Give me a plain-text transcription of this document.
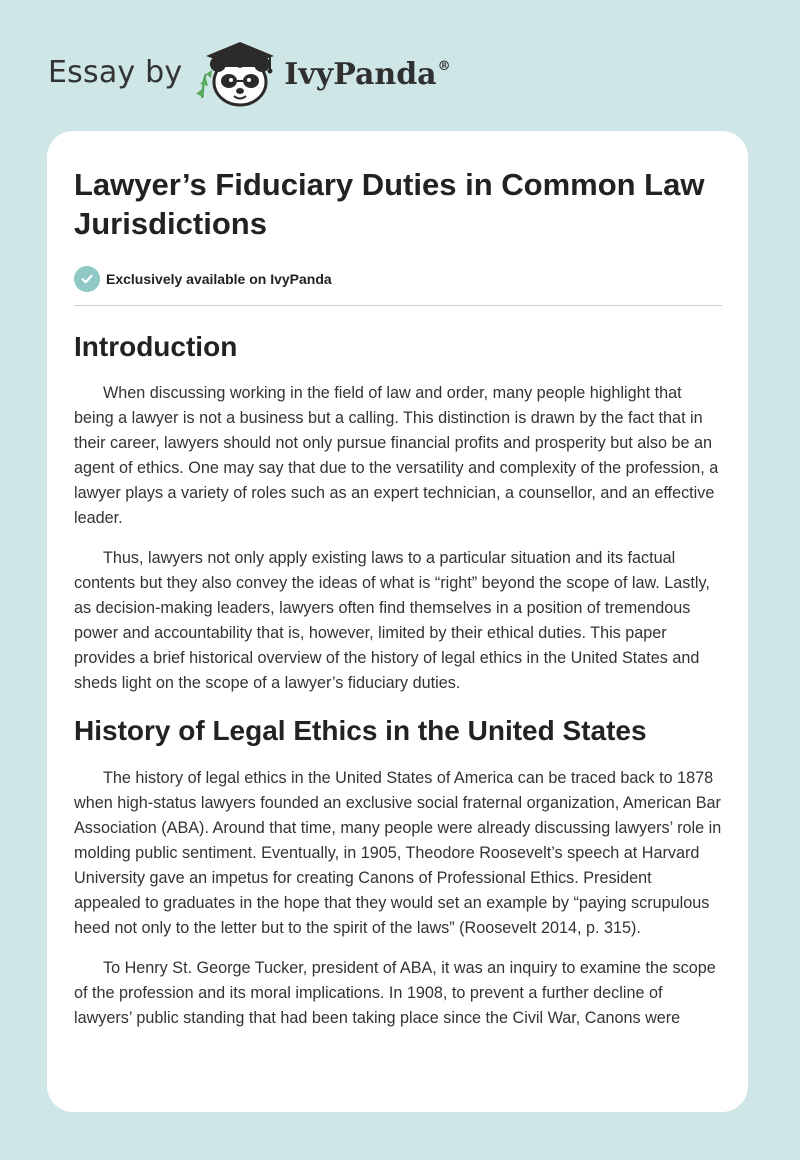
Essay by	IvyPanda®
Lawyer’s Fiduciary Duties in Common Law Jurisdictions
Exclusively available on IvyPanda
Introduction

When discussing working in the field of law and order, many people highlight that being a lawyer is not a business but a calling. This distinction is drawn by the fact that in their career, lawyers should not only pursue financial profits and prosperity but also be an agent of ethics. One may say that due to the versatility and complexity of the profession, a lawyer plays a variety of roles such as an expert technician, a counsellor, and an effective leader.

Thus, lawyers not only apply existing laws to a particular situation and its factual contents but they also convey the ideas of what is “right” beyond the scope of law. Lastly, as decision-making leaders, lawyers often find themselves in a position of tremendous power and accountability that is, however, limited by their ethical duties. This paper provides a brief historical overview of the history of legal ethics in the United States and sheds light on the scope of a lawyer’s fiduciary duties.

History of Legal Ethics in the United States

The history of legal ethics in the United States of America can be traced back to 1878 when high-status lawyers founded an exclusive social fraternal organization, American Bar Association (ABA). Around that time, many people were already discussing lawyers’ role in molding public sentiment. Eventually, in 1905, Theodore Roosevelt’s speech at Harvard University gave an impetus for creating Canons of Professional Ethics. President appealed to graduates in the hope that they would set an example by “paying scrupulous heed not only to the letter but to the spirit of the laws” (Roosevelt 2014, p. 315).

To Henry St. George Tucker, president of ABA, it was an inquiry to examine the scope of the profession and its moral implications. In 1908, to prevent a further decline of lawyers’ public standing that had been taking place since the Civil War, Canons were
